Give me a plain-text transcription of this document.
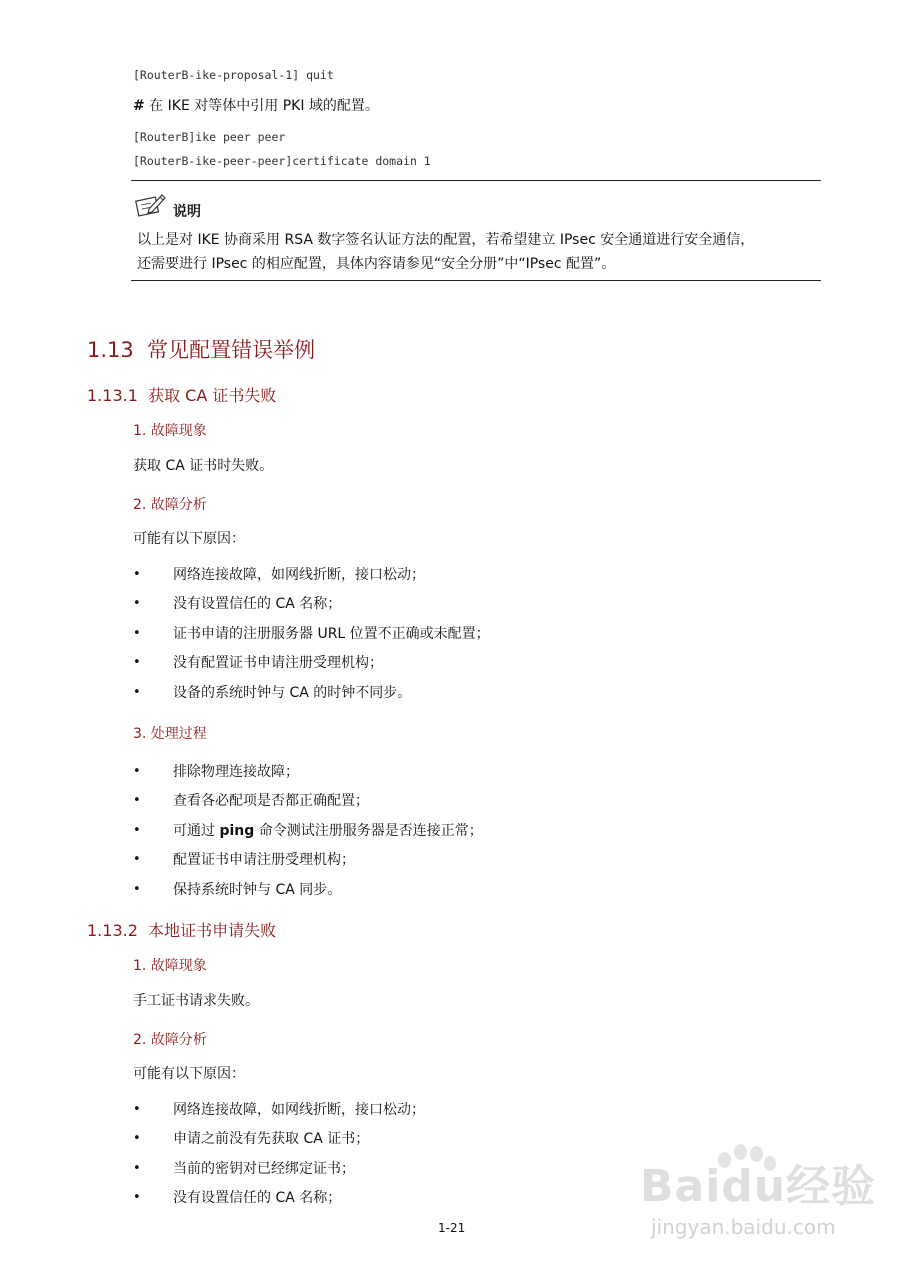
[RouterB-ike-proposal-1] quit
# 在 IKE 对等体中引用 PKI 域的配置。
[RouterB]ike peer peer
[RouterB-ike-peer-peer]certificate domain 1
说明
以上是对 IKE 协商采用 RSA 数字签名认证方法的配置，若希望建立 IPsec 安全通道进行安全通信，
还需要进行 IPsec 的相应配置，具体内容请参见“安全分册”中“IPsec 配置”。
1.13 常见配置错误举例
1.13.1 获取 CA 证书失败
1. 故障现象
获取 CA 证书时失败。
2. 故障分析
可能有以下原因：
• 网络连接故障，如网线折断，接口松动；
• 没有设置信任的 CA 名称；
• 证书申请的注册服务器 URL 位置不正确或未配置；
• 没有配置证书申请注册受理机构；
• 设备的系统时钟与 CA 的时钟不同步。
3. 处理过程
• 排除物理连接故障；
• 查看各必配项是否都正确配置；
• 可通过 ping 命令测试注册服务器是否连接正常；
• 配置证书申请注册受理机构；
• 保持系统时钟与 CA 同步。
1.13.2 本地证书申请失败
1. 故障现象
手工证书请求失败。
2. 故障分析
可能有以下原因：
• 网络连接故障，如网线折断，接口松动；
• 申请之前没有先获取 CA 证书；
• 当前的密钥对已经绑定证书；
• 没有设置信任的 CA 名称；	Baidu经验
jingyan.baidu.com
1-21
